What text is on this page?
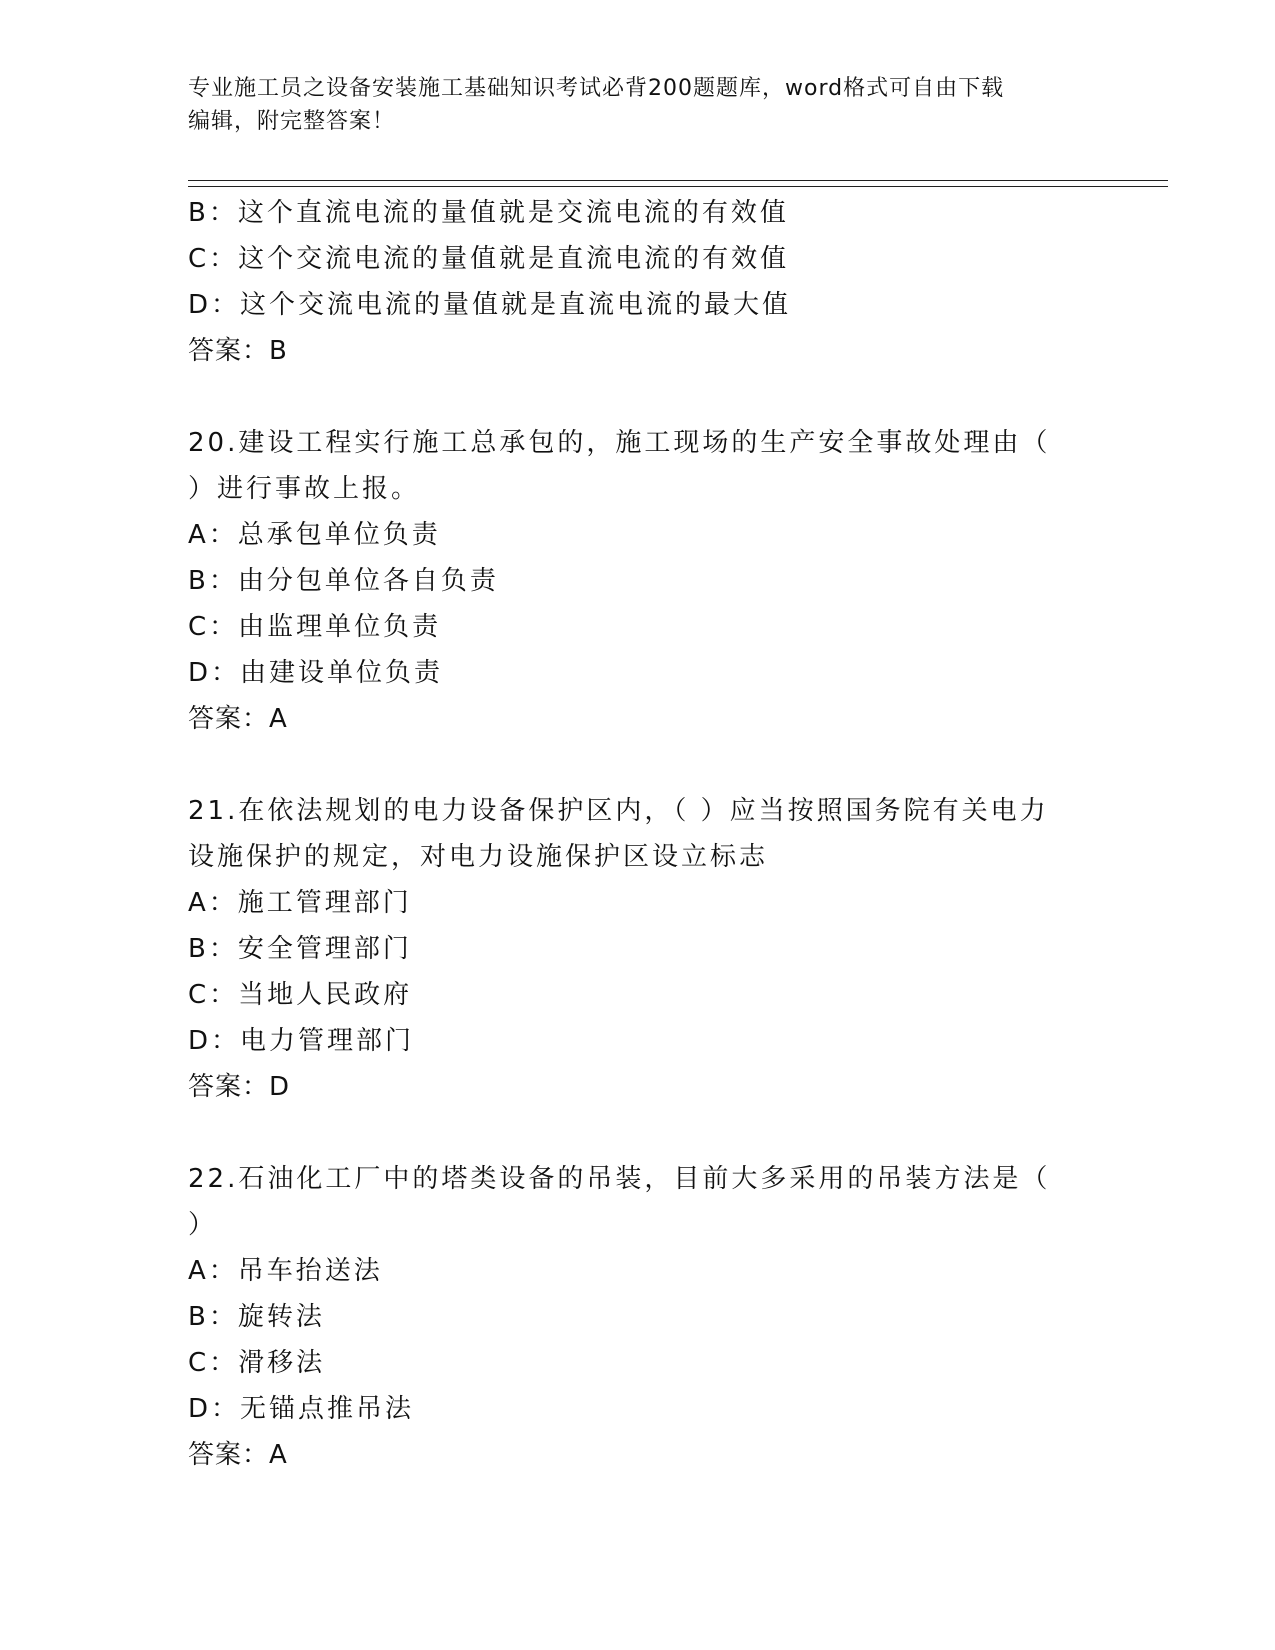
专业施工员之设备安装施工基础知识考试必背200题题库，word格式可自由下载
编辑，附完整答案！
B：这个直流电流的量值就是交流电流的有效值
C：这个交流电流的量值就是直流电流的有效值
D：这个交流电流的量值就是直流电流的最大值
答案：B
20.建设工程实行施工总承包的，施工现场的生产安全事故处理由（
）进行事故上报。
A：总承包单位负责
B：由分包单位各自负责
C：由监理单位负责
D：由建设单位负责
答案：A
21.在依法规划的电力设备保护区内，（ ）应当按照国务院有关电力
设施保护的规定，对电力设施保护区设立标志
A：施工管理部门
B：安全管理部门
C：当地人民政府
D：电力管理部门
答案：D
22.石油化工厂中的塔类设备的吊装，目前大多采用的吊装方法是（
）
A：吊车抬送法
B：旋转法
C：滑移法
D：无锚点推吊法
答案：A
